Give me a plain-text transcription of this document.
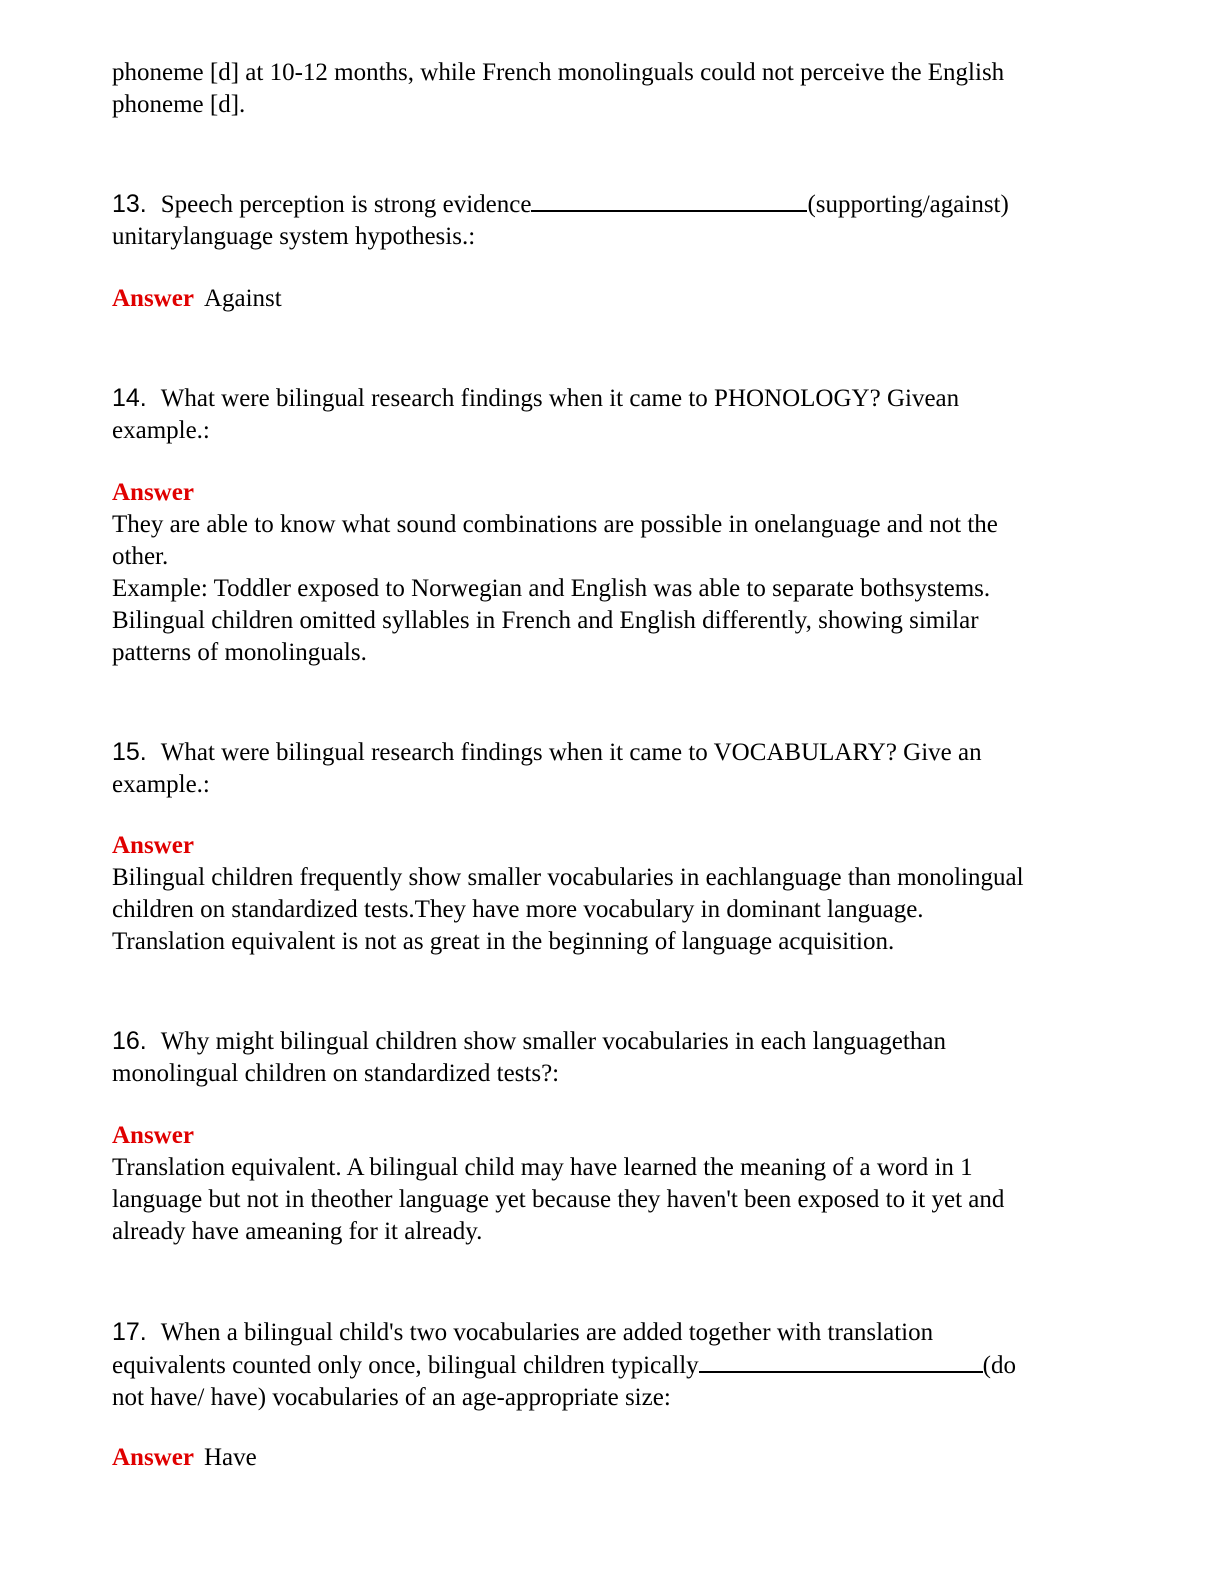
phoneme [d] at 10-12 months, while French monolinguals could not perceive the English
phoneme [d].
13. Speech perception is strong evidence	(supporting/against)
unitarylanguage system hypothesis.:
Answer Against
14. What were bilingual research findings when it came to PHONOLOGY? Givean
example.:
Answer
They are able to know what sound combinations are possible in onelanguage and not the
other.
Example: Toddler exposed to Norwegian and English was able to separate bothsystems.
Bilingual children omitted syllables in French and English differently, showing similar
patterns of monolinguals.
15. What were bilingual research findings when it came to VOCABULARY? Give an
example.:
Answer
Bilingual children frequently show smaller vocabularies in eachlanguage than monolingual
children on standardized tests.They have more vocabulary in dominant language.
Translation equivalent is not as great in the beginning of language acquisition.
16. Why might bilingual children show smaller vocabularies in each languagethan
monolingual children on standardized tests?:
Answer
Translation equivalent. A bilingual child may have learned the meaning of a word in 1
language but not in theother language yet because they haven't been exposed to it yet and
already have ameaning for it already.
17. When a bilingual child's two vocabularies are added together with translation
equivalents counted only once, bilingual children typically	(do
not have/ have) vocabularies of an age-appropriate size:
Answer Have
